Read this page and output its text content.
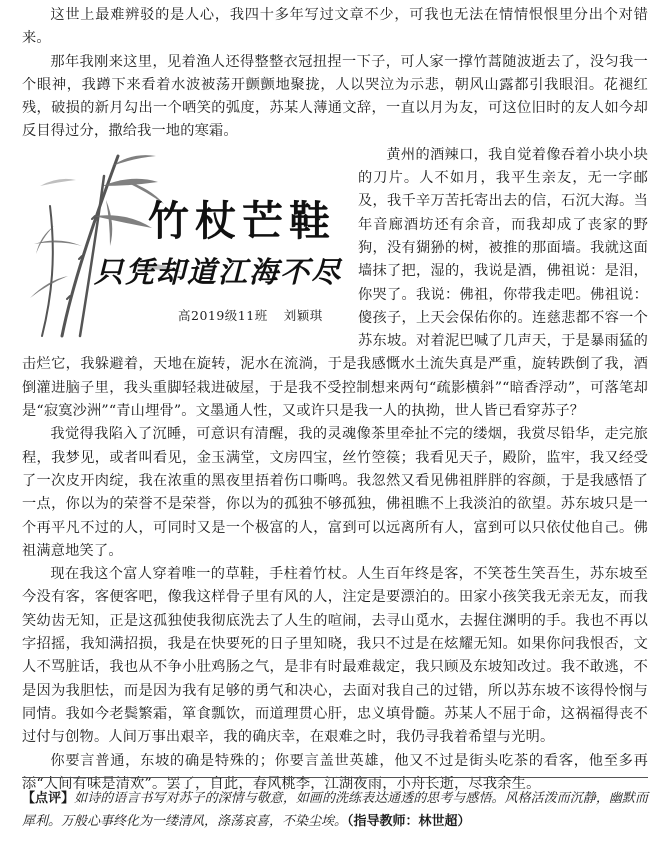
这世上最难辨驳的是人心，我四十多年写过文章不少，可我也无法在情情恨恨里分出个对错来。

那年我刚来这里，见着渔人还得整整衣冠扭捏一下子，可人家一撑竹蒿随波逝去了，没匀我一个眼神，我蹲下来看着水波被荡开颤颤地聚拢，人以哭泣为示悲，朝风山露都引我眼泪。花褪红残，破损的新月勾出一个哂笑的弧度，苏某人薄通文辞，一直以月为友，可这位旧时的友人如今却反目得过分，撒给我一地的寒霜。

竹杖芒鞋
只凭却道江海不尽
高2019级11班 刘颖琪

黄州的酒辣口，我自觉着像吞着小块小块的刀片。人不如月，我平生亲友，无一字邮及，我千辛万苦托寄出去的信，石沉大海。当年音廊酒坊还有余音，而我却成了丧家的野狗，没有猢狲的树，被推的那面墙。我就这面墙抹了把，湿的，我说是酒，佛祖说：是泪，你哭了。我说：佛祖，你带我走吧。佛祖说：傻孩子，上天会保佑你的。连慈悲都不容一个苏东坡。对着泥巴喊了几声天，于是暴雨猛的击烂它，我躲避着，天地在旋转，泥水在流淌，于是我感慨水土流失真是严重，旋转跌倒了我，酒倒灌进脑子里，我头重脚轻栽进破屋，于是我不受控制想来两句“疏影横斜”“暗香浮动”，可落笔却是“寂寞沙洲”“青山埋骨”。文墨通人性，又或许只是我一人的执拗，世人皆已看穿苏子？

我觉得我陷入了沉睡，可意识有清醒，我的灵魂像茶里牵扯不完的缕烟，我赏尽铅华，走完旅程，我梦见，或者叫看见，金玉满堂，文房四宝，丝竹箜篌；我看见天子，殿阶，监牢，我又经受了一次皮开肉绽，我在浓重的黑夜里捂着伤口嘶鸣。我忽然又看见佛祖胖胖的容颜，于是我感悟了一点，你以为的荣誉不是荣誉，你以为的孤独不够孤独，佛祖瞧不上我淡泊的欲望。苏东坡只是一个再平凡不过的人，可同时又是一个极富的人，富到可以远离所有人，富到可以只依仗他自己。佛祖满意地笑了。

现在我这个富人穿着唯一的草鞋，手柱着竹杖。人生百年终是客，不笑苍生笑吾生，苏东坡至今没有客，客便客吧，像我这样骨子里有风的人，注定是要漂泊的。田家小孩笑我无亲无友，而我笑幼齿无知，正是这孤独使我彻底洗去了人生的喧闹，去寻山觅水，去握住渊明的手。我也不再以字招摇，我知满招损，我是在快要死的日子里知晓，我只不过是在炫耀无知。如果你问我恨否，文人不骂脏话，我也从不争小肚鸡肠之气，是非有时最难裁定，我只顾及东坡知改过。我不敢逃，不是因为我胆怯，而是因为我有足够的勇气和决心，去面对我自己的过错，所以苏东坡不该得怜悯与同情。我如今老鬓繁霜，箪食瓢饮，而道理贯心肝，忠义填骨髓。苏某人不屈于命，这祸福得丧不过付与创物。人间万事出艰辛，我的确庆幸，在艰难之时，我仍寻我着希望与光明。

你要言普通，东坡的确是特殊的；你要言盖世英雄，他又不过是街头吃茶的看客，他至多再添“人间有味是清欢”。罢了，自此，春风桃李，江湖夜雨，小舟长逝，尽我余生。

【点评】如诗的语言书写对苏子的深情与敬意，如画的洗练表达通透的思考与感悟。风格活泼而沉静，幽默而犀利。万般心事终化为一缕清风，涤荡哀喜，不染尘埃。（指导教师：林世超）
